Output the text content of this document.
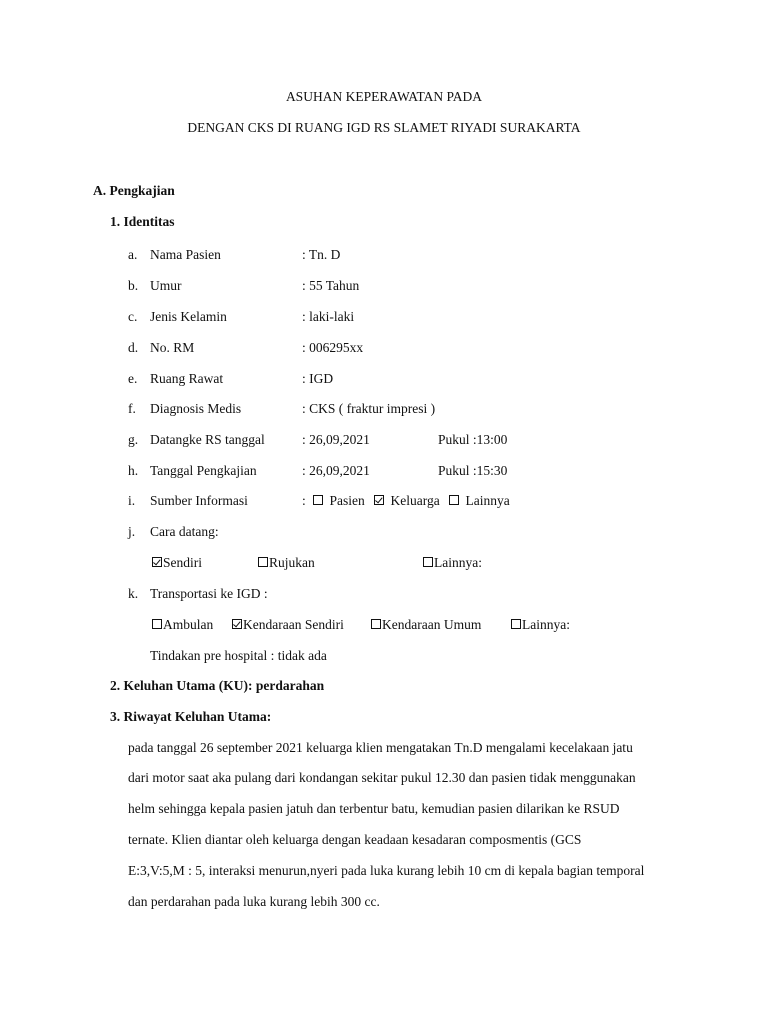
ASUHAN KEPERAWATAN PADA
DENGAN CKS DI RUANG IGD RS SLAMET RIYADI SURAKARTA
A. Pengkajian
1. Identitas
a. Nama Pasien	: Tn. D
b. Umur	: 55 Tahun
c. Jenis Kelamin	: laki-laki
d. No. RM	: 006295xx
e. Ruang Rawat	: IGD
f. Diagnosis Medis	: CKS ( fraktur impresi )
g. Datangke RS tanggal	: 26,09,2021	Pukul :13:00
h. Tanggal Pengkajian	: 26,09,2021	Pukul :15:30
i. Sumber Informasi	: Pasien Keluarga Lainnya
j. Cara datang:
Sendiri	Rujukan	Lainnya:
k. Transportasi ke IGD :
Ambulan	Kendaraan Sendiri	Kendaraan Umum	Lainnya:
Tindakan pre hospital : tidak ada
2. Keluhan Utama (KU): perdarahan
3. Riwayat Keluhan Utama:
pada tanggal 26 september 2021 keluarga klien mengatakan Tn.D mengalami kecelakaan jatu
dari motor saat aka pulang dari kondangan sekitar pukul 12.30 dan pasien tidak menggunakan
helm sehingga kepala pasien jatuh dan terbentur batu, kemudian pasien dilarikan ke RSUD
ternate. Klien diantar oleh keluarga dengan keadaan kesadaran composmentis (GCS
E:3,V:5,M : 5, interaksi menurun,nyeri pada luka kurang lebih 10 cm di kepala bagian temporal
dan perdarahan pada luka kurang lebih 300 cc.
